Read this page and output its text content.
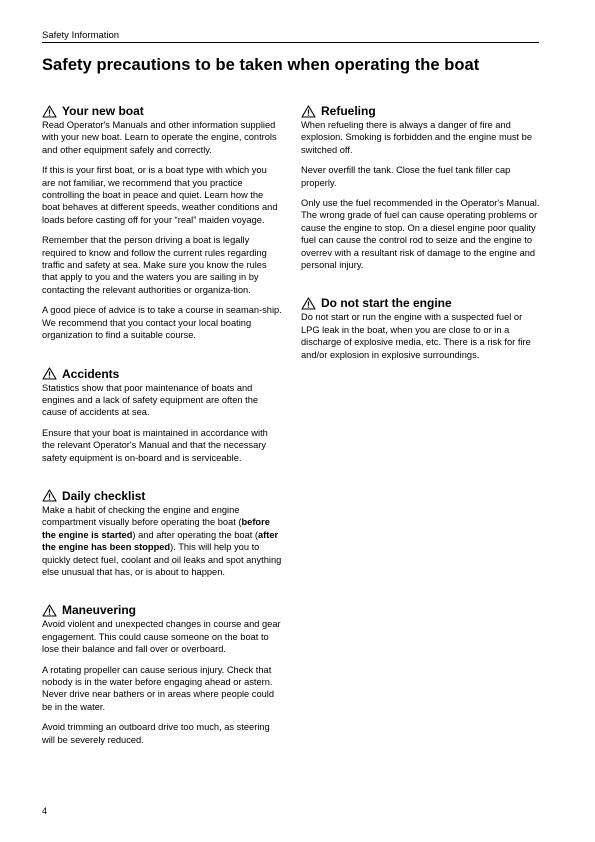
Safety Information
Safety precautions to be taken when operating the boat
Your new boat

Read Operator's Manuals and other information supplied with your new boat. Learn to operate the engine, controls and other equipment safely and correctly.

If this is your first boat, or is a boat type with which you are not familiar, we recommend that you practice controlling the boat in peace and quiet. Learn how the boat behaves at different speeds, weather conditions and loads before casting off for your “real” maiden voyage.

Remember that the person driving a boat is legally required to know and follow the current rules regarding traffic and safety at sea. Make sure you know the rules that apply to you and the waters you are sailing in by contacting the relevant authorities or organiza-tion.

A good piece of advice is to take a course in seaman-ship. We recommend that you contact your local boating organization to find a suitable course.

Accidents

Statistics show that poor maintenance of boats and engines and a lack of safety equipment are often the cause of accidents at sea.

Ensure that your boat is maintained in accordance with the relevant Operator's Manual and that the necessary safety equipment is on-board and is serviceable.

Daily checklist

Make a habit of checking the engine and engine compartment visually before operating the boat (before the engine is started) and after operating the boat (after the engine has been stopped). This will help you to quickly detect fuel, coolant and oil leaks and spot anything else unusual that has, or is about to happen.

Maneuvering

Avoid violent and unexpected changes in course and gear engagement. This could cause someone on the boat to lose their balance and fall over or overboard.

A rotating propeller can cause serious injury. Check that nobody is in the water before engaging ahead or astern. Never drive near bathers or in areas where people could be in the water.

Avoid trimming an outboard drive too much, as steering will be severely reduced.

Refueling

When refueling there is always a danger of fire and explosion. Smoking is forbidden and the engine must be switched off.

Never overfill the tank. Close the fuel tank filler cap properly.

Only use the fuel recommended in the Operator's Manual. The wrong grade of fuel can cause operating problems or cause the engine to stop. On a diesel engine poor quality fuel can cause the control rod to seize and the engine to overrev with a resultant risk of damage to the engine and personal injury.

Do not start the engine

Do not start or run the engine with a suspected fuel or LPG leak in the boat, when you are close to or in a discharge of explosive media, etc. There is a risk for fire and/or explosion in explosive surroundings.

4
